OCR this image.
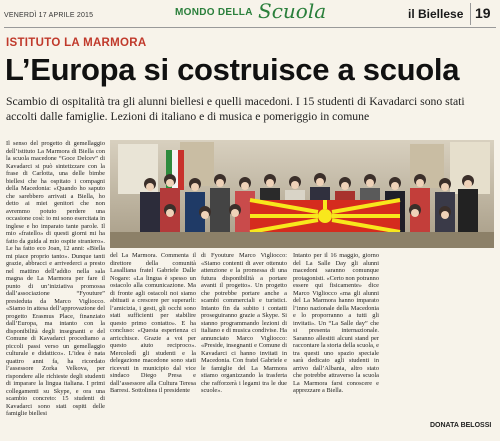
VENERDÌ 17 APRILE 2015	MONDO DELLA Scuola	il Biellese 19
ISTITUTO LA MARMORA
L’Europa si costruisce a scuola

Scambio di ospitalità tra gli alunni biellesi e quelli macedoni. I 15 studenti di Kavadarci sono stati accolti dalle famiglie. Lezioni di italiano e di musica e pomeriggio in comune

Il senso del progetto di gemellaggio dell’istituto La Marmora di Biella con la scuola macedone “Goce Delcev” di Kavadarci si può sintetizzare con la frase di Carlotta, una delle bimbe biellesi che ha ospitato i compagni della Macedonia: «Quando ho saputo che sarebbero arrivati a Biella, ho detto ai miei genitori che non avremmo potuto perdere una occasione così: io mi sono esercitata in inglese e ho imparato tante parole. Il mio «fratello» di questi giorni mi ha fatto da guida al mio ospite straniero». Le ha fatto eco Joan, 12 anni: «Biella mi piace proprio tanto». Dunque tanti grazie, abbracci e arrivederci a presto nel mattino dell’addio nella sala magna de La Marmora per fare il punto di un’iniziativa promossa dall’associazione “Fyouture” presieduta da Marco Vigliocco. «Siamo in attesa dell’approvazione del progetto Erasmus Place, finanziato dall’Europa, ma intanto con la disponibilità degli insegnanti e del Comune di Kavadarci procediamo a piccoli passi verso un gemellaggio culturale e didattico». L’idea è nata quattro anni fa, ha ricordato l’assessore Zorka Velkova, per rispondere alle richieste degli studenti di imparare la lingua italiana. I primi collegamenti su Skype, e ora una scambio concreto: 15 studenti di Kavadarci sono stati ospiti delle famiglie biellesi
del La Marmora. Commenta il direttore della comunità Lasalliana fratel Gabriele Dalle Nogare: «La lingua è spesso un ostacolo alla comunicazione. Ma di fronte agli ostacoli noi siamo abituati a crescere per superarli: l’amicizia, i gesti, gli occhi sono stati sufficienti per stabilire questo primo contatto». E ha concluso: «Questa esperienza ci arricchisce. Grazie a voi per questo aiuto reciproco». Mercoledì gli studenti e la delegazione macedone sono stati ricevuti in municipio dal vice sindaco Diego Presa e dall’assessore alla Cultura Teresa Barresi. Sottolinea il presidente
di Fyouture Marco Vigliocco: «Siamo contenti di aver ottenuto attenzione e la promessa di una futura disponibilità a portare avanti il progetto». Un progetto che potrebbe portare anche a scambi commerciali e turistici. Intanto fin da subito i contatti proseguiranno grazie a Skype. Si stanno programmando lezioni di italiano e di musica condivise. Ha annunciato Marco Vigliocco: «Preside, insegnanti e Comune di Kavadarci ci hanno invitati in Macedonia. Con fratel Gabriele e le famiglie del La Marmora stiamo organizzando la trasferta che rafforzerà i legami tra le due scuole».
Intanto per il 16 maggio, giorno del La Salle Day gli alunni macedoni saranno comunque protagonisti. «Certo non potranno essere qui fisicamente» dice Marco Vigliocco «ma gli alunni del La Marmora hanno imparato l’inno nazionale della Macedonia e lo proporranno a tutti gli invitati». Un “La Salle day” che si presenta internazionale. Saranno allestiti alcuni stand per raccontare la storia della scuola, e tra questi uno spazio speciale sarà dedicato agli studenti in arrivo dall’Albania, altro stato che potrebbe attraverso la scuola La Marmora farsi conoscere e apprezzare a Biella.
DONATA BELOSSI
